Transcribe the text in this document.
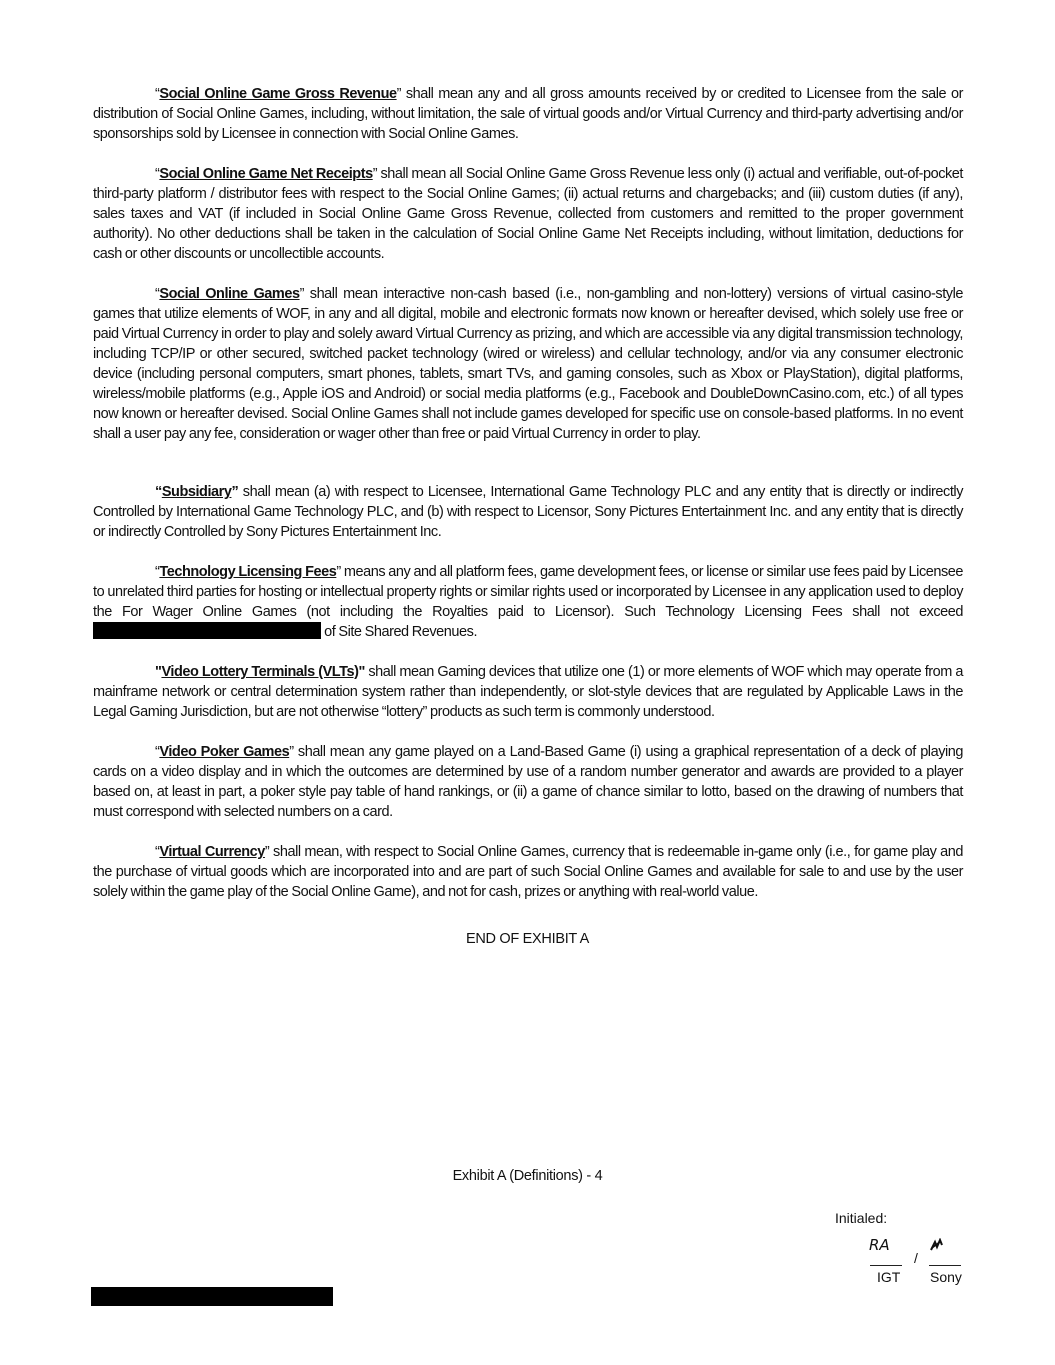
“Social Online Game Gross Revenue” shall mean any and all gross amounts received by or credited to Licensee from the sale or distribution of Social Online Games, including, without limitation, the sale of virtual goods and/or Virtual Currency and third-party advertising and/or sponsorships sold by Licensee in connection with Social Online Games.

“Social Online Game Net Receipts” shall mean all Social Online Game Gross Revenue less only (i) actual and verifiable, out-of-pocket third-party platform / distributor fees with respect to the Social Online Games; (ii) actual returns and chargebacks; and (iii) custom duties (if any), sales taxes and VAT (if included in Social Online Game Gross Revenue, collected from customers and remitted to the proper government authority). No other deductions shall be taken in the calculation of Social Online Game Net Receipts including, without limitation, deductions for cash or other discounts or uncollectible accounts.

“Social Online Games” shall mean interactive non-cash based (i.e., non-gambling and non-lottery) versions of virtual casino-style games that utilize elements of WOF, in any and all digital, mobile and electronic formats now known or hereafter devised, which solely use free or paid Virtual Currency in order to play and solely award Virtual Currency as prizing, and which are accessible via any digital transmission technology, including TCP/IP or other secured, switched packet technology (wired or wireless) and cellular technology, and/or via any consumer electronic device (including personal computers, smart phones, tablets, smart TVs, and gaming consoles, such as Xbox or PlayStation), digital platforms, wireless/mobile platforms (e.g., Apple iOS and Android) or social media platforms (e.g., Facebook and DoubleDownCasino.com, etc.) of all types now known or hereafter devised. Social Online Games shall not include games developed for specific use on console-based platforms. In no event shall a user pay any fee, consideration or wager other than free or paid Virtual Currency in order to play.

“Subsidiary” shall mean (a) with respect to Licensee, International Game Technology PLC and any entity that is directly or indirectly Controlled by International Game Technology PLC, and (b) with respect to Licensor, Sony Pictures Entertainment Inc. and any entity that is directly or indirectly Controlled by Sony Pictures Entertainment Inc.

“Technology Licensing Fees” means any and all platform fees, game development fees, or license or similar use fees paid by Licensee to unrelated third parties for hosting or intellectual property rights or similar rights used or incorporated by Licensee in any application used to deploy the For Wager Online Games (not including the Royalties paid to Licensor). Such Technology Licensing Fees shall not exceed  of Site Shared Revenues.

"Video Lottery Terminals (VLTs)" shall mean Gaming devices that utilize one (1) or more elements of WOF which may operate from a mainframe network or central determination system rather than independently, or slot-style devices that are regulated by Applicable Laws in the Legal Gaming Jurisdiction, but are not otherwise “lottery” products as such term is commonly understood.

“Video Poker Games” shall mean any game played on a Land-Based Game (i) using a graphical representation of a deck of playing cards on a video display and in which the outcomes are determined by use of a random number generator and awards are provided to a player based on, at least in part, a poker style pay table of hand rankings, or (ii) a game of chance similar to lotto, based on the drawing of numbers that must correspond with selected numbers on a card.

“Virtual Currency” shall mean, with respect to Social Online Games, currency that is redeemable in-game only (i.e., for game play and the purchase of virtual goods which are incorporated into and are part of such Social Online Games and available for sale to and use by the user solely within the game play of the Social Online Game), and not for cash, prizes or anything with real-world value.

END OF EXHIBIT A
Exhibit A (Definitions) - 4
Initialed:
RA
/
IGT Sony
